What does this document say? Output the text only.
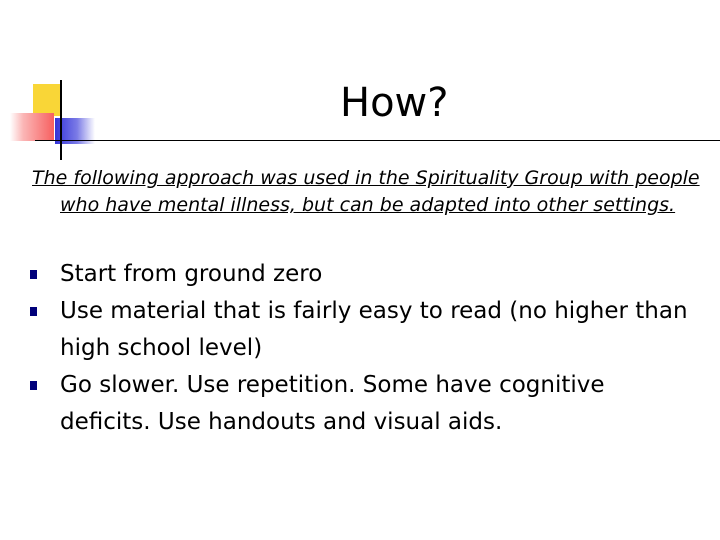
How?
The following approach was used in the Spirituality Group with people who have mental illness, but can be adapted into other settings.
Start from ground zero
Use material that is fairly easy to read (no higher than high school level)
Go slower. Use repetition. Some have cognitive deficits. Use handouts and visual aids.
